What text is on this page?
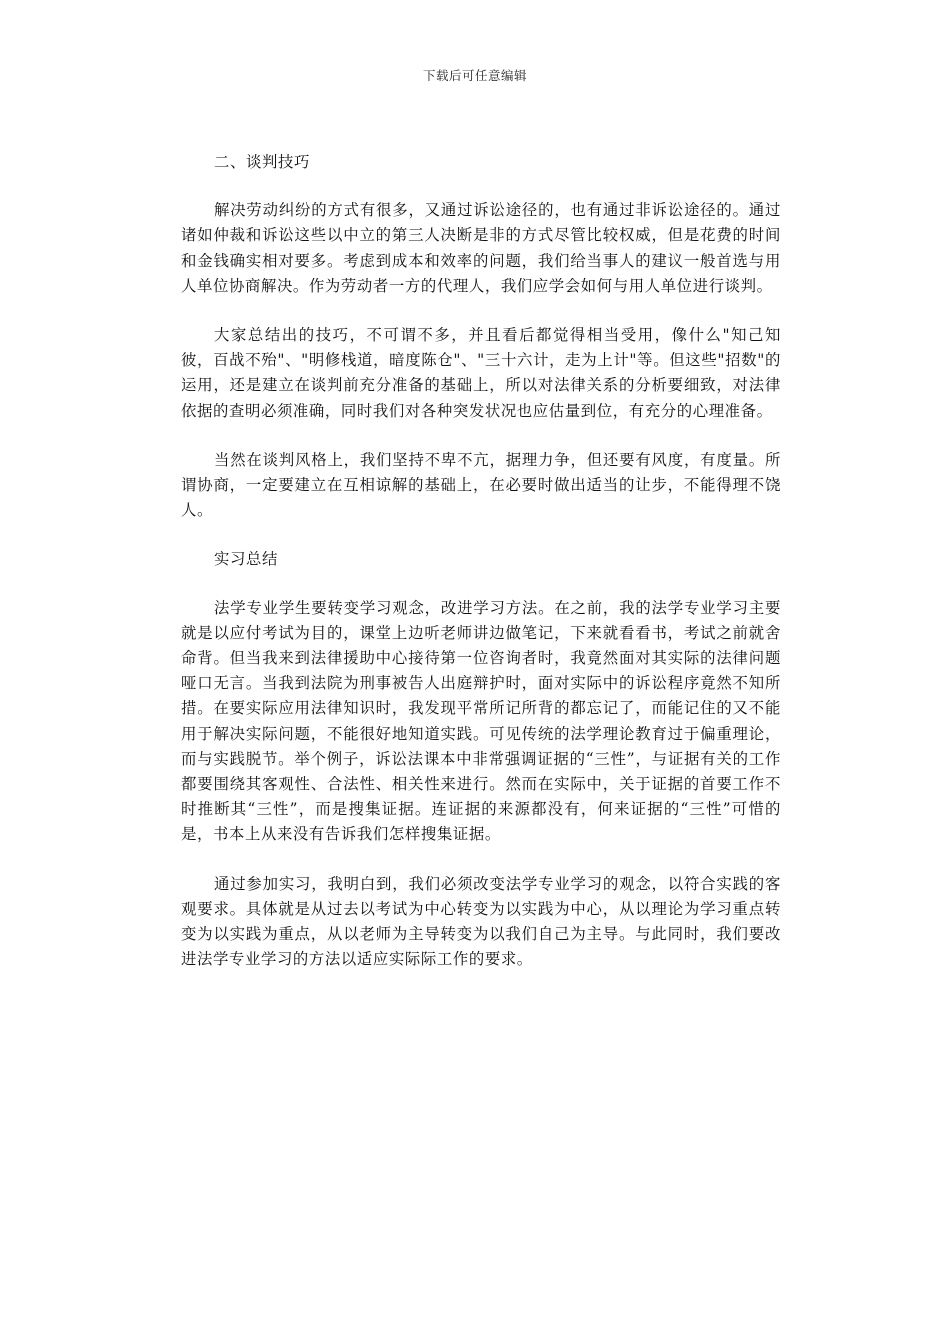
下载后可任意编辑

二、谈判技巧

解决劳动纠纷的方式有很多，又通过诉讼途径的，也有通过非诉讼途径的。通过诸如仲裁和诉讼这些以中立的第三人决断是非的方式尽管比较权威，但是花费的时间和金钱确实相对要多。考虑到成本和效率的问题，我们给当事人的建议一般首选与用人单位协商解决。作为劳动者一方的代理人，我们应学会如何与用人单位进行谈判。

大家总结出的技巧，不可谓不多，并且看后都觉得相当受用，像什么"知己知彼，百战不殆"、"明修栈道，暗度陈仓"、"三十六计，走为上计"等。但这些"招数"的运用，还是建立在谈判前充分准备的基础上，所以对法律关系的分析要细致，对法律依据的查明必须准确，同时我们对各种突发状况也应估量到位，有充分的心理准备。

当然在谈判风格上，我们坚持不卑不亢，据理力争，但还要有风度，有度量。所谓协商，一定要建立在互相谅解的基础上，在必要时做出适当的让步，不能得理不饶人。

实习总结

法学专业学生要转变学习观念，改进学习方法。在之前，我的法学专业学习主要就是以应付考试为目的，课堂上边听老师讲边做笔记，下来就看看书，考试之前就舍命背。但当我来到法律援助中心接待第一位咨询者时，我竟然面对其实际的法律问题哑口无言。当我到法院为刑事被告人出庭辩护时，面对实际中的诉讼程序竟然不知所措。在要实际应用法律知识时，我发现平常所记所背的都忘记了，而能记住的又不能用于解决实际问题，不能很好地知道实践。可见传统的法学理论教育过于偏重理论，而与实践脱节。举个例子，诉讼法课本中非常强调证据的“三性”，与证据有关的工作都要围绕其客观性、合法性、相关性来进行。然而在实际中，关于证据的首要工作不时推断其“三性”，而是搜集证据。连证据的来源都没有，何来证据的“三性”可惜的是，书本上从来没有告诉我们怎样搜集证据。

通过参加实习，我明白到，我们必须改变法学专业学习的观念，以符合实践的客观要求。具体就是从过去以考试为中心转变为以实践为中心，从以理论为学习重点转变为以实践为重点，从以老师为主导转变为以我们自己为主导。与此同时，我们要改进法学专业学习的方法以适应实际际工作的要求。
